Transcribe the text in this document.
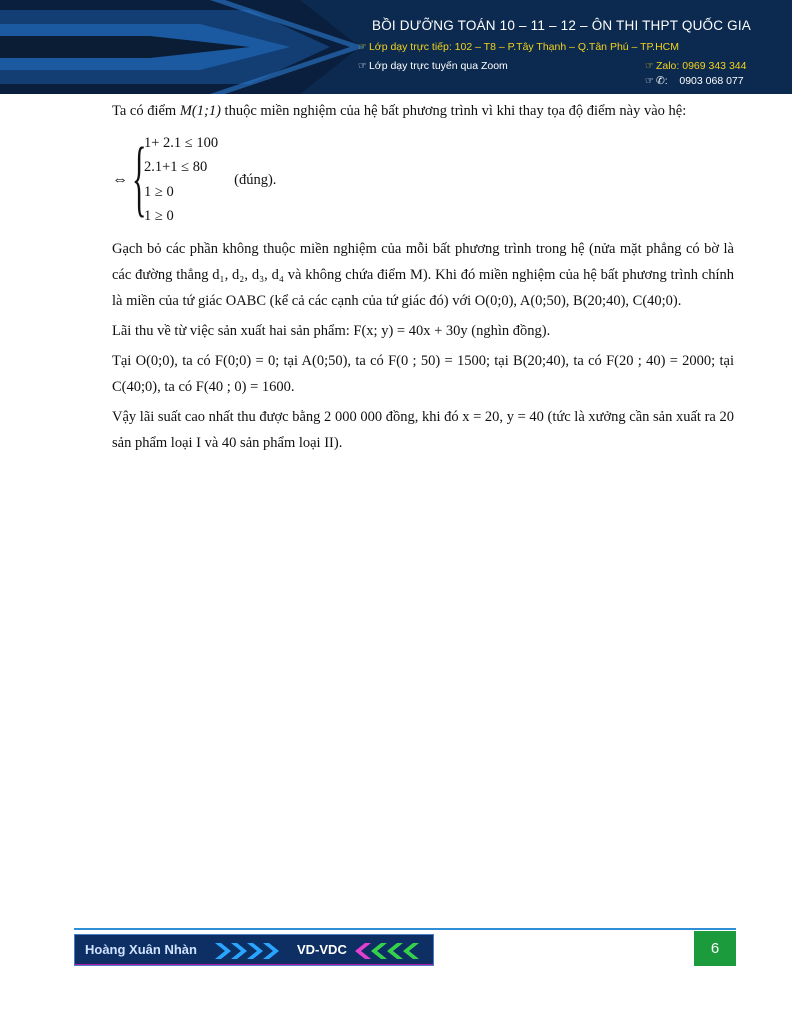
BỒI DƯỠNG TOÁN 10 – 11 – 12 – ÔN THI THPT QUỐC GIA
☞ Lớp dạy trực tiếp: 102 – T8 – P.Tây Thạnh – Q.Tân Phú – TP.HCM
☞ Lớp dạy trực tuyến qua Zoom	☞ Zalo: 0969 343 344
☞ ✆: 0903 068 077

Ta có điểm M(1;1) thuộc miền nghiệm của hệ bất phương trình vì khi thay tọa độ điểm này vào hệ:

⇔ {
1+ 2.1 ≤ 100
2.1+1 ≤ 80
1 ≥ 0
1 ≥ 0
(đúng).

Gạch bỏ các phần không thuộc miền nghiệm của mỗi bất phương trình trong hệ (nửa mặt phẳng có bờ là các đường thẳng d₁, d₂, d₃, d₄ và không chứa điểm M). Khi đó miền nghiệm của hệ bất phương trình chính là miền của tứ giác OABC (kể cả các cạnh của tứ giác đó) với O(0;0), A(0;50), B(20;40), C(40;0).

Lãi thu về từ việc sản xuất hai sản phẩm: F(x; y) = 40x + 30y (nghìn đồng).

Tại O(0;0), ta có F(0;0) = 0; tại A(0;50), ta có F(0 ; 50) = 1500; tại B(20;40), ta có F(20 ; 40) = 2000; tại C(40;0), ta có F(40 ; 0) = 1600.

Vậy lãi suất cao nhất thu được bằng 2 000 000 đồng, khi đó x = 20, y = 40 (tức là xưởng cần sản xuất ra 20 sản phẩm loại I và 40 sản phẩm loại II).

Hoàng Xuân Nhàn	VD-VDC	6
